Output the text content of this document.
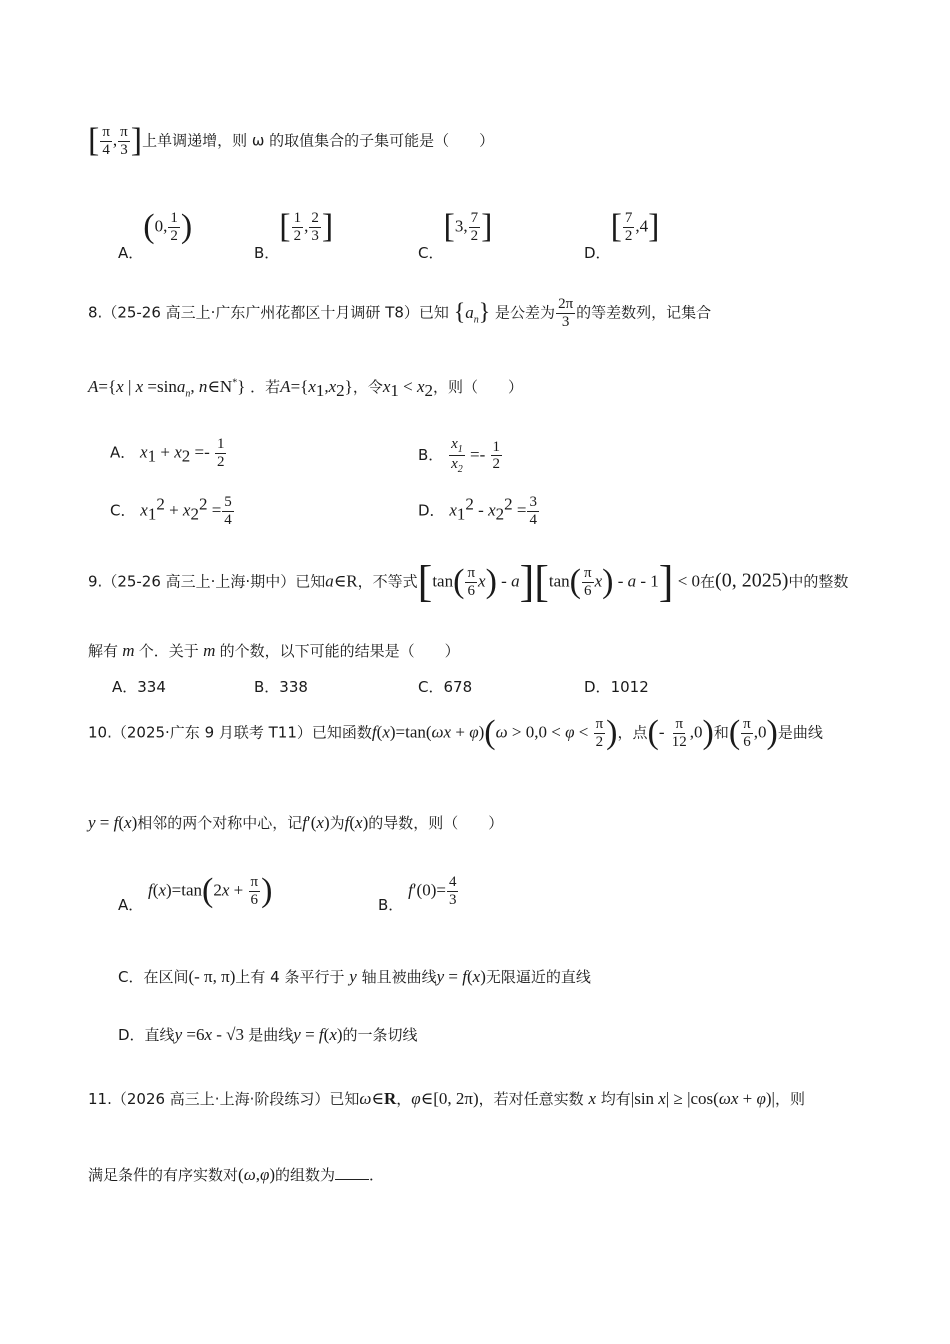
[ $\frac{\pi}{4}$ , $\frac{\pi}{3}$ ]上单调递增，则 ω 的取值集合的子集可能是（　　）
A．(0, $\frac{1}{2}$ )
B．[ $\frac{1}{2}$ , $\frac{2}{3}$ ]
C．[3, $\frac{7}{2}$ ]
D．[ $\frac{7}{2} ,4$]
8.（25-26 高三上·广东广州花都区十月调研 T8）已知 $\{a_n\}$ 是公差为 $\frac{2\pi}{3}$ 的等差数列，记集合
A={x | x =sina$_n$, n∈N*} ．若$A=\{x_1,x_2\}$，令$x_1 < x_2$，则（　　）
A． $x_1 + x_2 =- \frac{1}{2}$	B． $\frac{x_1}{x_2} =- \frac{1}{2}$
C． $x_1^2 + x_2^2 = \frac{5}{4}$	D． $x_1^2 - x_2^2 = \frac{3}{4}$
9.（25-26 高三上·上海·期中）已知a∈R，不等式$[\tan( \frac{\pi}{6} x) - a][\tan( \frac{\pi}{6} x) - a - 1] < 0$在(0, 2025)中的整数
解有 m 个．关于 m 的个数，以下可能的结果是（　　）
A．334	B．338	C．678	D．1012
10.（2025·广东 9 月联考 T11）已知函数$f(x)=\tan(\omega x + \varphi)(\omega > 0,0 < \varphi < \frac{\pi}{2}$ )，点(- $\frac{\pi}{12} ,0$)和( $\frac{\pi}{6} ,0$)是曲线
y = f(x)相邻的两个对称中心，记f′(x)为f(x)的导数，则（　　）
A． $f(x)=\tan(2x + \frac{\pi}{6}$ )	B． $f'(0)= \frac{4}{3}$
C．在区间(- π, π)上有 4 条平行于 y 轴且被曲线y = f(x)无限逼近的直线
D．直线y =6x - √3 是曲线y = f(x)的一条切线
11.（2026 高三上·上海·阶段练习）已知ω∈R，φ∈[0, 2π)，若对任意实数 x 均有|sin x| ≥ |cos(ωx + φ)|，则
满足条件的有序实数对(ω,φ)的组数为 ．
